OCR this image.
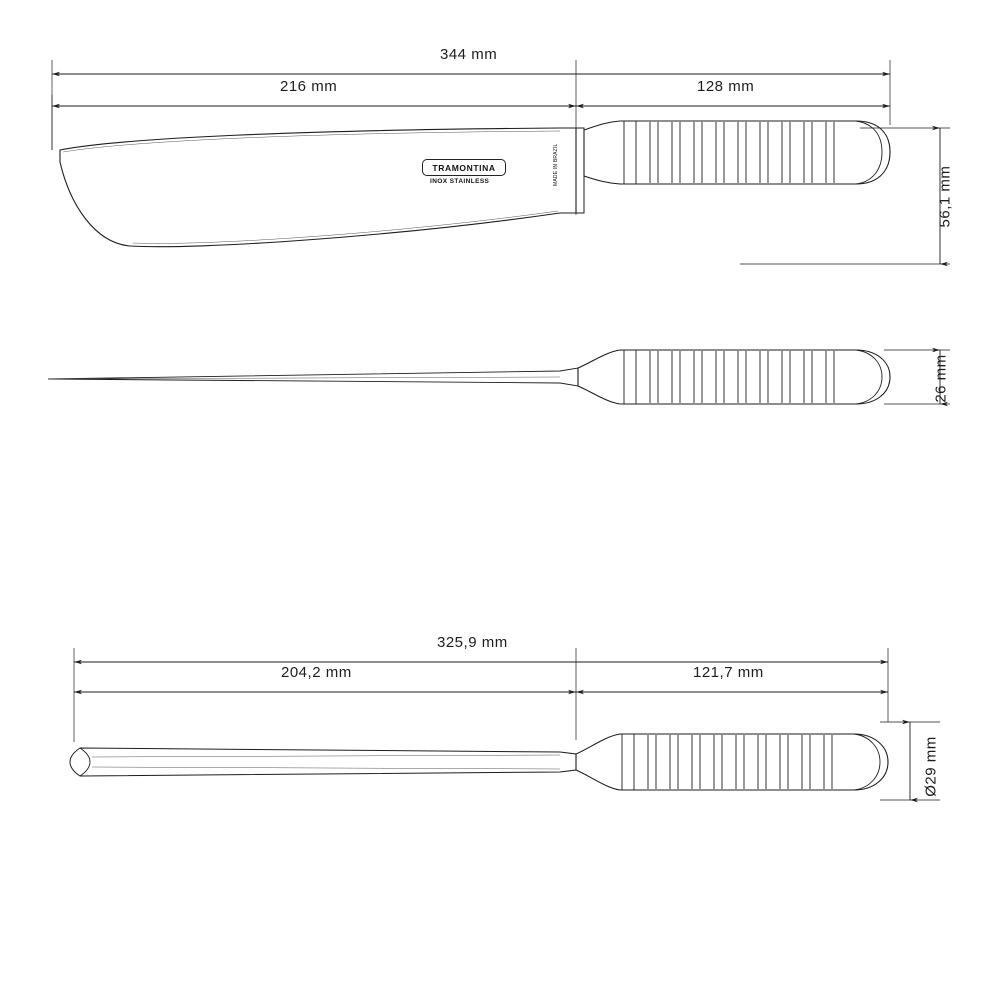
344 mm
216 mm	128 mm
56,1 mm
26 mm
325,9 mm
204,2 mm	121,7 mm
Ø29 mm
TRAMONTINA
INOX STAINLESS	MADE IN BRAZIL
